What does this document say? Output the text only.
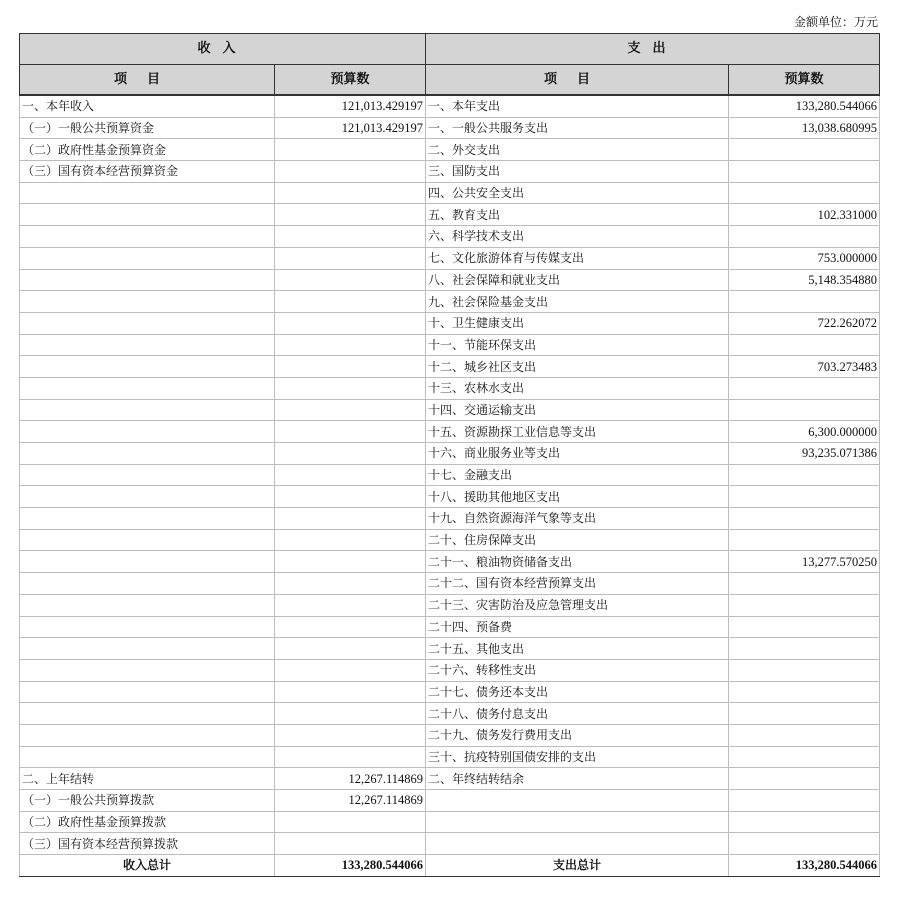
金额单位：万元
收入		支出	
项目	预算数	项目	预算数
一、本年收入	121,013.429197	一、本年支出	133,280.544066
（一）一般公共预算资金	121,013.429197	一、一般公共服务支出	13,038.680995
（二）政府性基金预算资金		二、外交支出	
（三）国有资本经营预算资金		三、国防支出	
		四、公共安全支出	
		五、教育支出	102.331000
		六、科学技术支出	
		七、文化旅游体育与传媒支出	753.000000
		八、社会保障和就业支出	5,148.354880
		九、社会保险基金支出	
		十、卫生健康支出	722.262072
		十一、节能环保支出	
		十二、城乡社区支出	703.273483
		十三、农林水支出	
		十四、交通运输支出	
		十五、资源勘探工业信息等支出	6,300.000000
		十六、商业服务业等支出	93,235.071386
		十七、金融支出	
		十八、援助其他地区支出	
		十九、自然资源海洋气象等支出	
		二十、住房保障支出	
		二十一、粮油物资储备支出	13,277.570250
		二十二、国有资本经营预算支出	
		二十三、灾害防治及应急管理支出	
		二十四、预备费	
		二十五、其他支出	
		二十六、转移性支出	
		二十七、债务还本支出	
		二十八、债务付息支出	
		二十九、债务发行费用支出	
		三十、抗疫特别国债安排的支出	
二、上年结转	12,267.114869	二、年终结转结余	
（一）一般公共预算拨款	12,267.114869		
（二）政府性基金预算拨款			
（三）国有资本经营预算拨款			
收入总计	133,280.544066	支出总计	133,280.544066
